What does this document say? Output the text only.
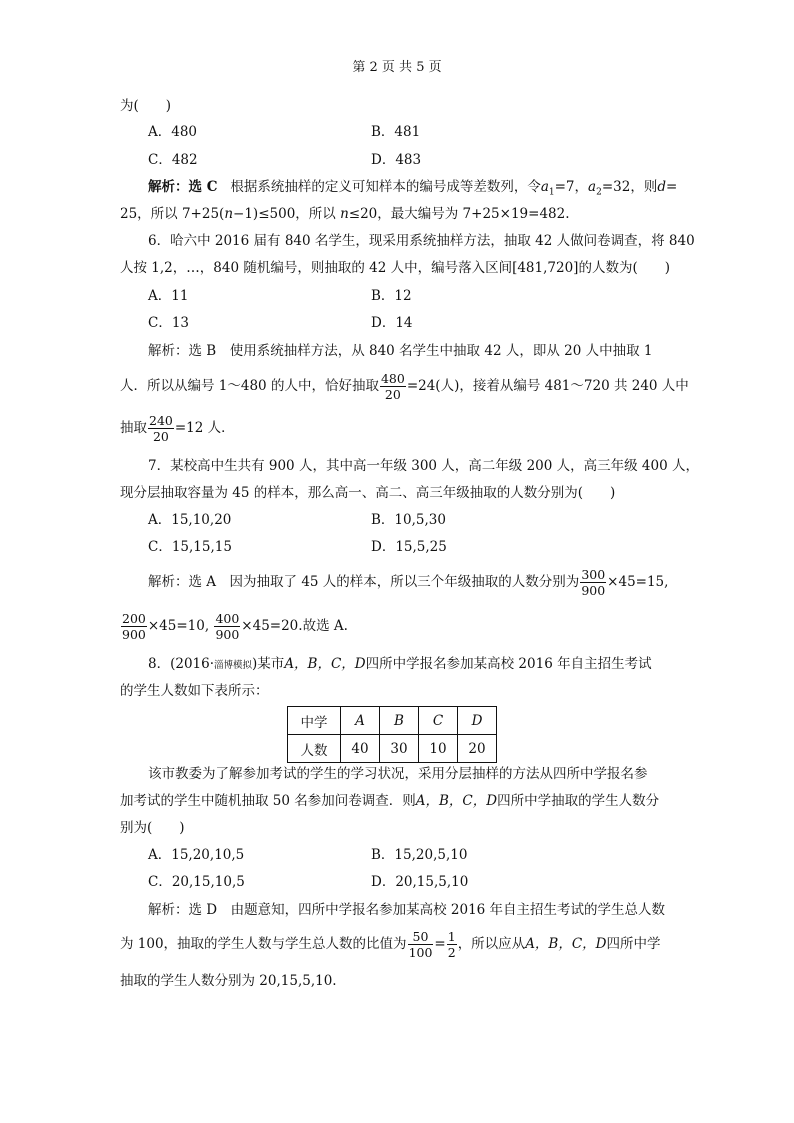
第 2 页 共 5 页
为(　　)
A．480	B．481
C．482	D．483
解析：选 C 根据系统抽样的定义可知样本的编号成等差数列，令$a_1=7$，$a_2=32$，则d=
25，所以 7+25(n−1)≤500，所以 n≤20，最大编号为 7+25×19=482.
6．哈六中 2016 届有 840 名学生，现采用系统抽样方法，抽取 42 人做问卷调查，将 840
人按 1,2，…，840 随机编号，则抽取的 42 人中，编号落入区间[481,720]的人数为(　　)
A．11	B．12
C．13	D．14
解析：选 B　使用系统抽样方法，从 840 名学生中抽取 42 人，即从 20 人中抽取 1
人．所以从编号 1～480 的人中，恰好抽取 $\frac{480}{20} =24$(人)，接着从编号 481～720 共 240 人中
抽取 $\frac{240}{20} =12$ 人．
7．某校高中生共有 900 人，其中高一年级 300 人，高二年级 200 人，高三年级 400 人，
现分层抽取容量为 45 的样本，那么高一、高二、高三年级抽取的人数分别为(　　)
A．15,10,20	B．10,5,30
C．15,15,15	D．15,5,25
解析：选 A　因为抽取了 45 人的样本，所以三个年级抽取的人数分别为 $\frac{300}{900} \times 45=15$,
$\frac{200}{900} \times 45=10$, $\frac{400}{900} \times 45=20$.故选 A.
8．(2016·淄博模拟)某市A，B，C，D四所中学报名参加某高校 2016 年自主招生考试
的学生人数如下表所示：
中学	A	B	C	D
人数	40	30	10	20
该市教委为了解参加考试的学生的学习状况，采用分层抽样的方法从四所中学报名参
加考试的学生中随机抽取 50 名参加问卷调查．则A，B，C，D四所中学抽取的学生人数分
别为(　　)
A．15,20,10,5	B．15,20,5,10
C．20,15,10,5	D．20,15,5,10
解析：选 D　由题意知，四所中学报名参加某高校 2016 年自主招生考试的学生总人数
为 100，抽取的学生人数与学生总人数的比值为 $\frac{50}{100} = \frac{1}{2}$ ，所以应从A，B，C，D四所中学
抽取的学生人数分别为 20,15,5,10.
